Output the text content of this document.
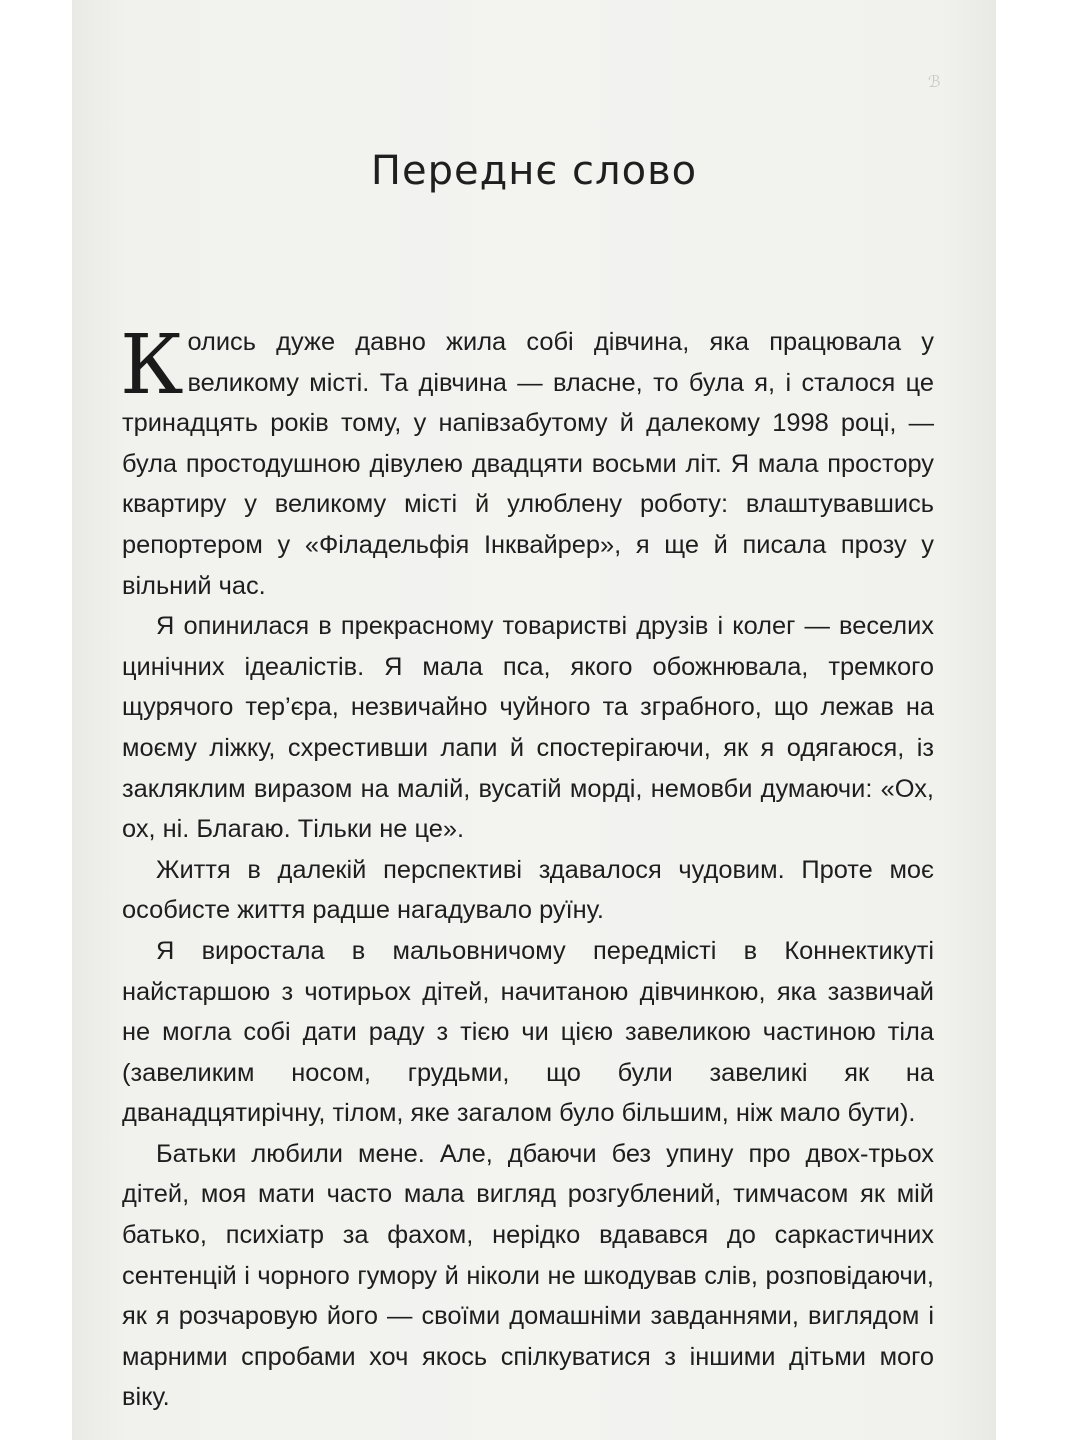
ℬ
Переднє слово

Колись дуже давно жила собі дівчина, яка працювала у великому місті. Та дівчина — власне, то була я, і сталося це тринадцять років тому, у напівзабутому й далекому 1998 році, — була простодушною дівулею двадцяти восьми літ. Я мала простору квартиру у великому місті й улюблену роботу: влаштувавшись репортером у «Філадельфія Інквайрер», я ще й писала прозу у вільний час.

Я опинилася в прекрасному товаристві друзів і колег — веселих цинічних ідеалістів. Я мала пса, якого обожнювала, тремкого щурячого тер’єра, незвичайно чуйного та зграбного, що лежав на моєму ліжку, схрестивши лапи й спостерігаючи, як я одягаюся, із закляклим виразом на малій, вусатій морді, немовби думаючи: «Ох, ох, ні. Благаю. Тільки не це».

Життя в далекій перспективі здавалося чудовим. Проте моє особисте життя радше нагадувало руїну.

Я виростала в мальовничому передмісті в Коннектикуті найстаршою з чотирьох дітей, начитаною дівчинкою, яка зазвичай не могла собі дати раду з тією чи цією завеликою частиною тіла (завеликим носом, грудьми, що були завеликі як на дванадцятирічну, тілом, яке загалом було більшим, ніж мало бути).

Батьки любили мене. Але, дбаючи без упину про двох-трьох дітей, моя мати часто мала вигляд розгублений, тимчасом як мій батько, психіатр за фахом, нерідко вдавався до саркастичних сентенцій і чорного гумору й ніколи не шкодував слів, розповідаючи, як я розчаровую його — своїми домашніми завданнями, виглядом і марними спробами хоч якось спілкуватися з іншими дітьми мого віку.
